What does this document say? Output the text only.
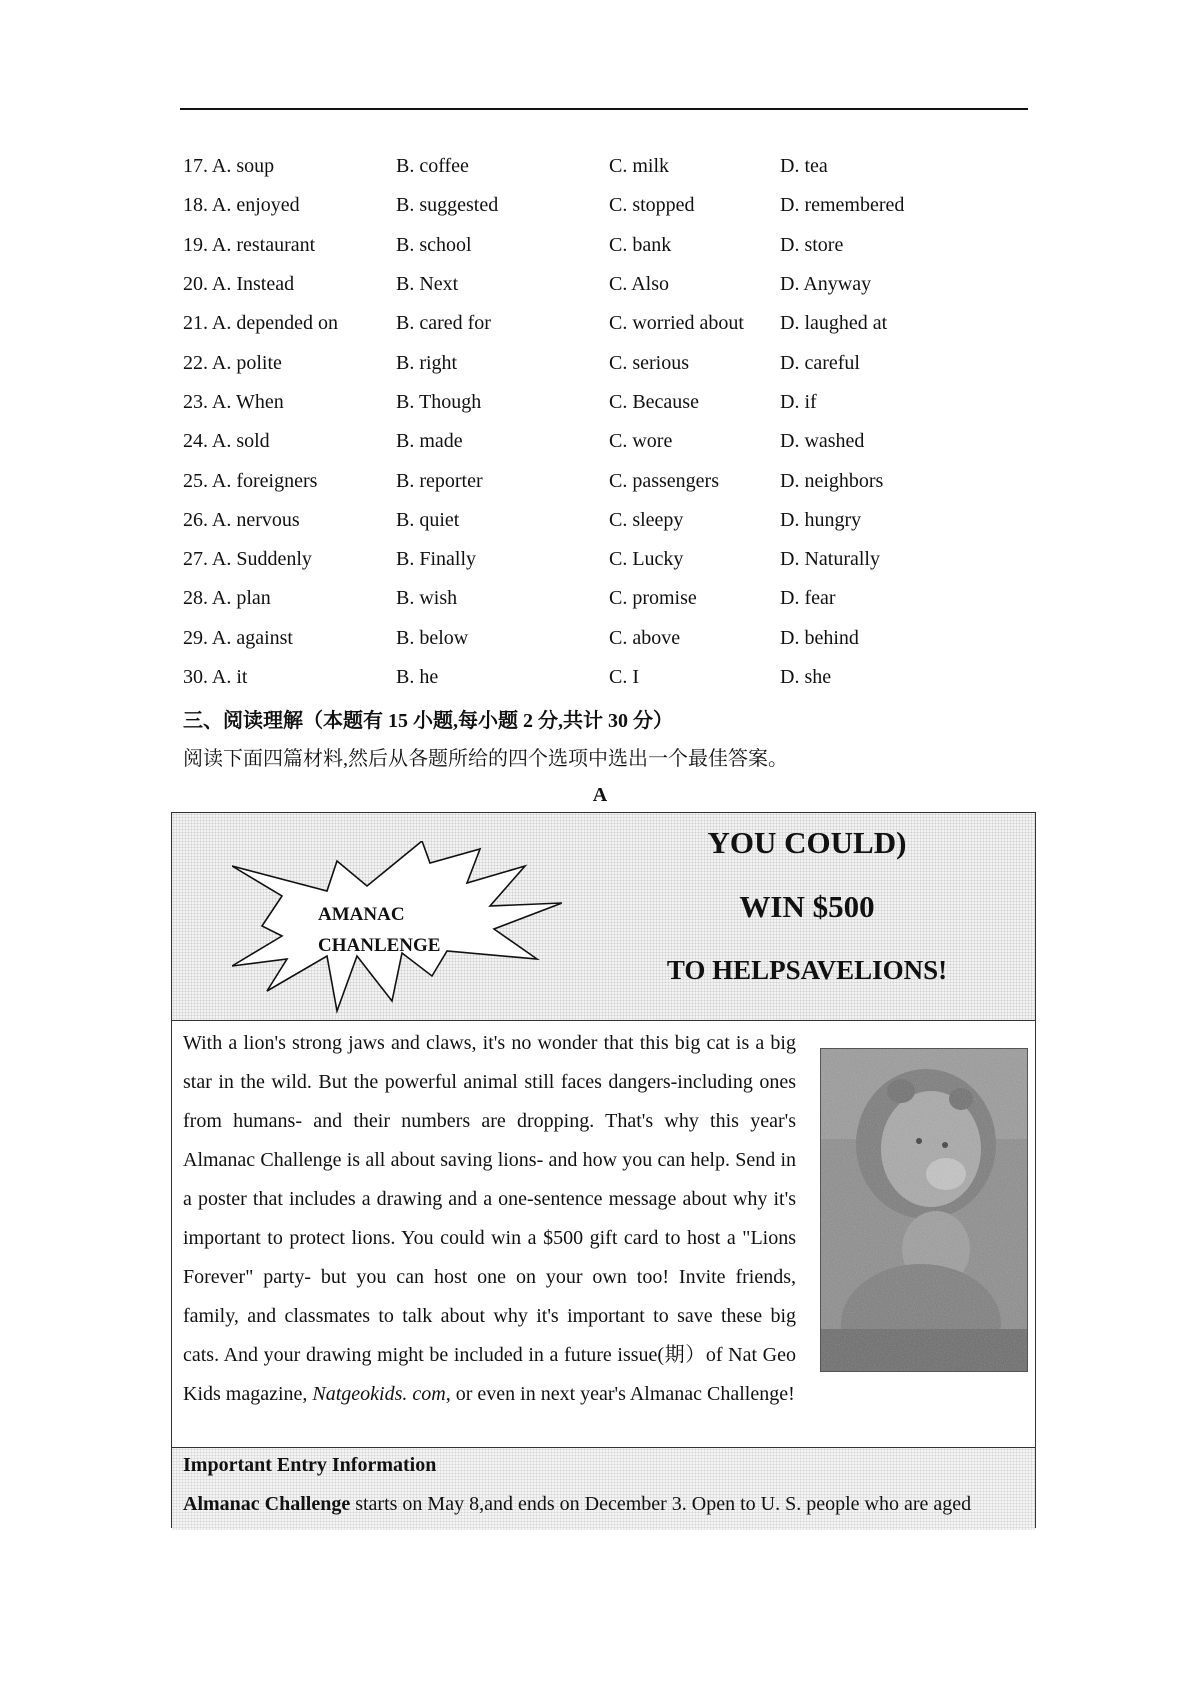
17. A. soup	B. coffee	C. milk	D. tea
18. A. enjoyed	B. suggested	C. stopped	D. remembered
19. A. restaurant	B. school	C. bank	D. store
20. A. Instead	B. Next	C. Also	D. Anyway
21. A. depended on	B. cared for	C. worried about	D. laughed at
22. A. polite	B. right	C. serious	D. careful
23. A. When	B. Though	C. Because	D. if
24. A. sold	B. made	C. wore	D. washed
25. A. foreigners	B. reporter	C. passengers	D. neighbors
26. A. nervous	B. quiet	C. sleepy	D. hungry
27. A. Suddenly	B. Finally	C. Lucky	D. Naturally
28. A. plan	B. wish	C. promise	D. fear
29. A. against	B. below	C. above	D. behind
30. A. it	B. he	C. I	D. she
三、阅读理解（本题有 15 小题,每小题 2 分,共计 30 分）
阅读下面四篇材料,然后从各题所给的四个选项中选出一个最佳答案。
A
AMANAC
CHANLENGE
YOU COULD)
WIN $500
TO HELPSAVELIONS!
With a lion's strong jaws and claws, it's no wonder that this big cat is a big star in the wild. But the powerful animal still faces dangers-including ones from humans- and their numbers are dropping. That's why this year's Almanac Challenge is all about saving lions- and how you can help. Send in a poster that includes a drawing and a one-sentence message about why it's important to protect lions. You could win a $500 gift card to host a "Lions Forever" party- but you can host one on your own too! Invite friends, family, and classmates to talk about why it's important to save these big cats. And your drawing might be included in a future issue(期）of Nat Geo Kids magazine, Natgeokids. com, or even in next year's Almanac Challenge!
Important Entry Information
Almanac Challenge starts on May 8,and ends on December 3. Open to U. S. people who are aged
